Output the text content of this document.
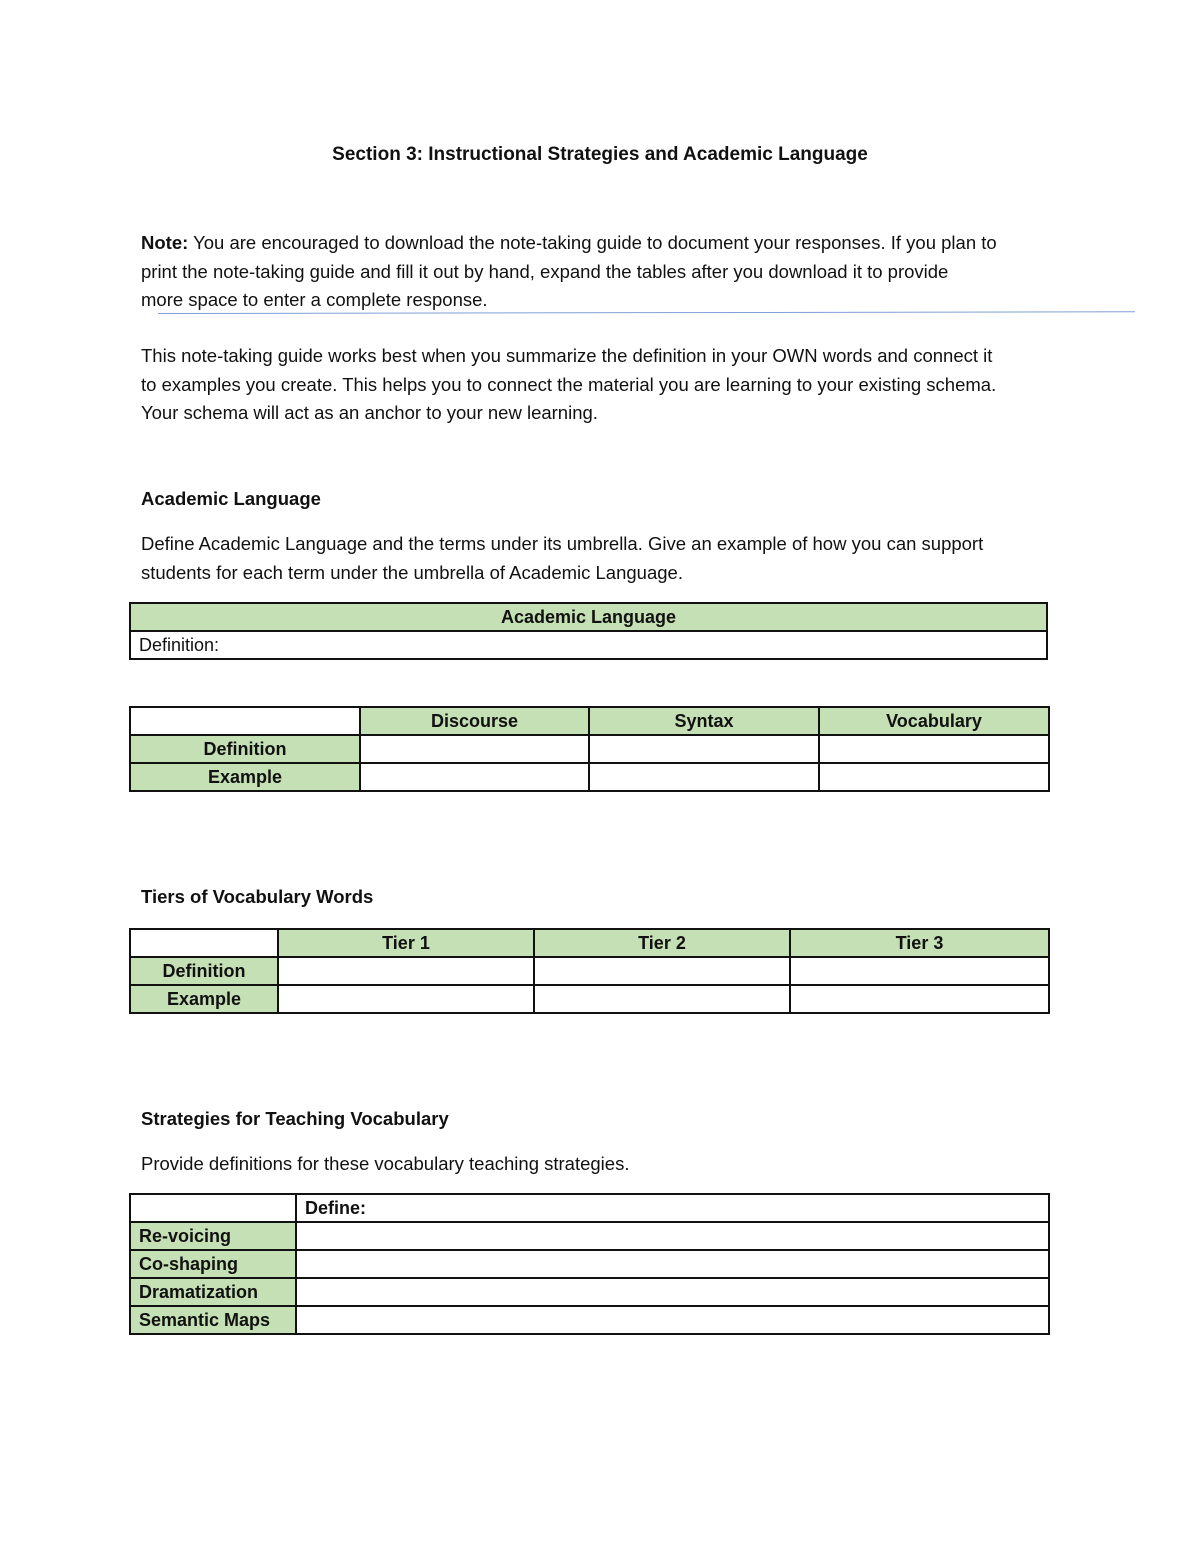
Section 3: Instructional Strategies and Academic Language
Note: You are encouraged to download the note-taking guide to document your responses. If you plan to
print the note-taking guide and fill it out by hand, expand the tables after you download it to provide
more space to enter a complete response.
This note-taking guide works best when you summarize the definition in your OWN words and connect it
to examples you create. This helps you to connect the material you are learning to your existing schema.
Your schema will act as an anchor to your new learning.
Academic Language
Define Academic Language and the terms under its umbrella. Give an example of how you can support
students for each term under the umbrella of Academic Language.
Academic Language
Definition:
	Discourse	Syntax	Vocabulary
Definition			
Example			
Tiers of Vocabulary Words
	Tier 1	Tier 2	Tier 3
Definition			
Example			
Strategies for Teaching Vocabulary
Provide definitions for these vocabulary teaching strategies.
	Define:
Re-voicing	
Co-shaping	
Dramatization	
Semantic Maps	
